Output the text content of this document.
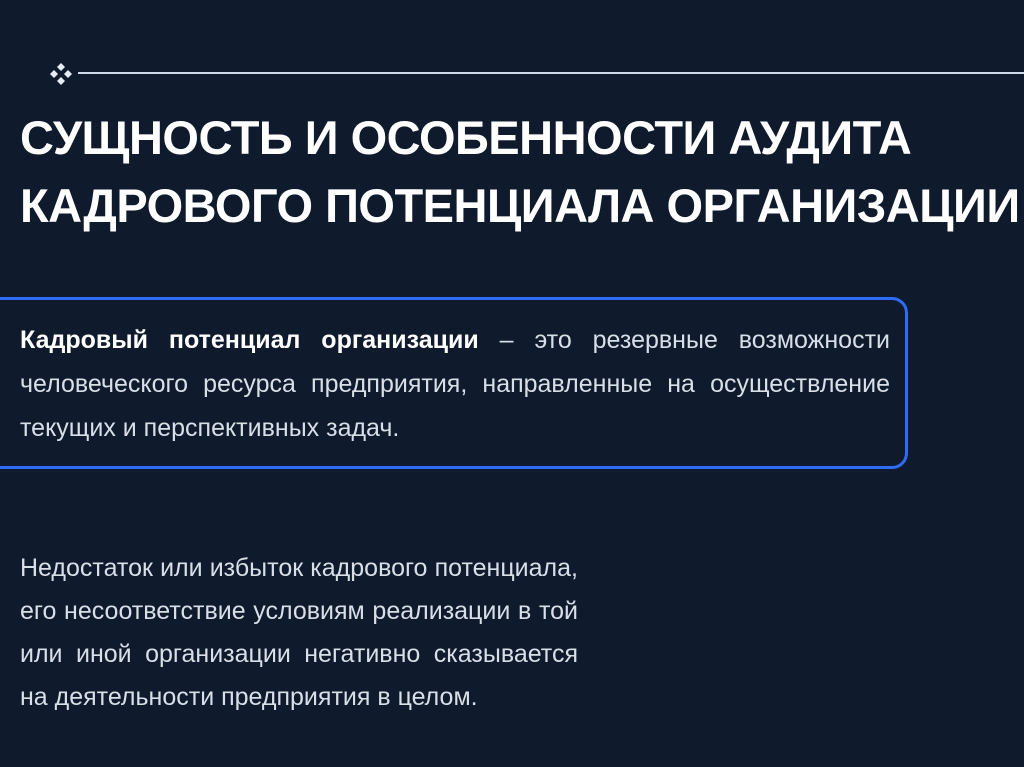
СУЩНОСТЬ И ОСОБЕННОСТИ АУДИТА
КАДРОВОГО ПОТЕНЦИАЛА ОРГАНИЗАЦИИ

Кадровый потенциал организации – это резервные возможности человеческого ресурса предприятия, направленные на осуществление текущих и перспективных задач.

Недостаток или избыток кадрового потенциала, его несоответствие условиям реализации в той или иной организации негативно сказывается на деятельности предприятия в целом.
